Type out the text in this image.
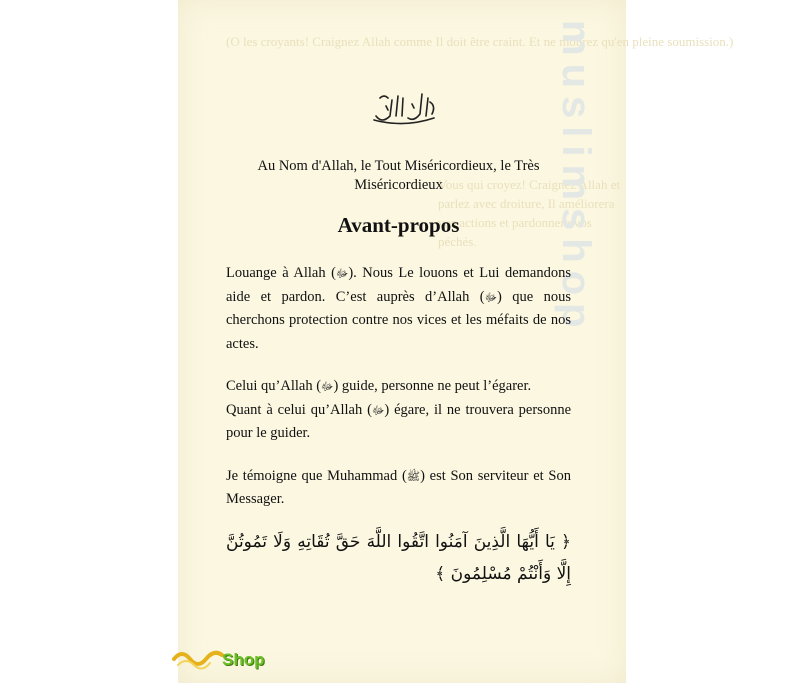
(O les croyants! Craignez Allah comme Il doit être craint. Et ne mourez qu'en pleine soumission.)
Vous qui croyez! Craignez Allah et parlez avec droiture, Il améliorera vos actions et pardonnera vos péchés.	muslimshop

Au Nom d'Allah, le Tout Miséricordieux, le Très Miséricordieux

Avant-propos

Louange à Allah (ﷻ). Nous Le louons et Lui demandons aide et pardon. C’est auprès d’Allah (ﷻ) que nous cherchons protection contre nos vices et les méfaits de nos actes.

Celui qu’Allah (ﷻ) guide, personne ne peut l’égarer.

Quant à celui qu’Allah (ﷻ) égare, il ne trouvera personne pour le guider.

Je témoigne que Muhammad (ﷺ) est Son serviteur et Son Messager.

﴿ يَا أَيُّهَا الَّذِينَ آمَنُوا اتَّقُوا اللَّهَ حَقَّ تُقَاتِهِ وَلَا تَمُوتُنَّ إِلَّا وَأَنْتُمْ مُسْلِمُونَ ﴾
Shop
